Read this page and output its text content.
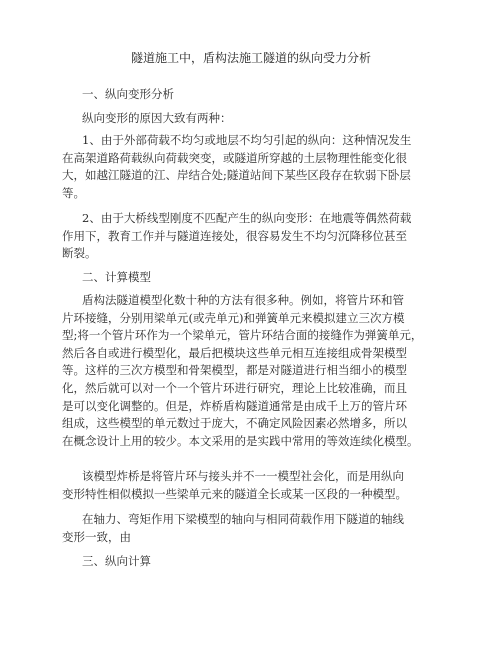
隧道施工中，盾构法施工隧道的纵向受力分析
一、纵向变形分析
纵向变形的原因大致有两种：
1、由于外部荷载不均匀或地层不均匀引起的纵向：这种情况发生
在高架道路荷载纵向荷载突变，或隧道所穿越的土层物理性能变化很
大，如越江隧道的江、岸结合处;隧道站间下某些区段存在软弱下卧层
等。
2、由于大桥线型刚度不匹配产生的纵向变形：在地震等偶然荷载
作用下，教育工作并与隧道连接处，很容易发生不均匀沉降移位甚至
断裂。
二、计算模型
盾构法隧道模型化数十种的方法有很多种。例如，将管片环和管
片环接缝，分别用梁单元(或壳单元)和弹簧单元来模拟建立三次方模
型;将一个管片环作为一个梁单元，管片环结合面的接缝作为弹簧单元，
然后各自或进行模型化，最后把模块这些单元相互连接组成骨架模型
等。这样的三次方模型和骨架模型，都是对隧道进行相当细小的模型
化，然后就可以对一个一个管片环进行研究，理论上比较准确，而且
是可以变化调整的。但是，炸桥盾构隧道通常是由成千上万的管片环
组成，这些模型的单元数过于庞大，不确定风险因素必然增多，所以
在概念设计上用的较少。本文采用的是实践中常用的等效连续化模型。
该模型炸桥是将管片环与接头并不一一模型社会化，而是用纵向
变形特性相似模拟一些梁单元来的隧道全长或某一区段的一种模型。
在轴力、弯矩作用下梁模型的轴向与相同荷载作用下隧道的轴线
变形一致，由
三、纵向计算
